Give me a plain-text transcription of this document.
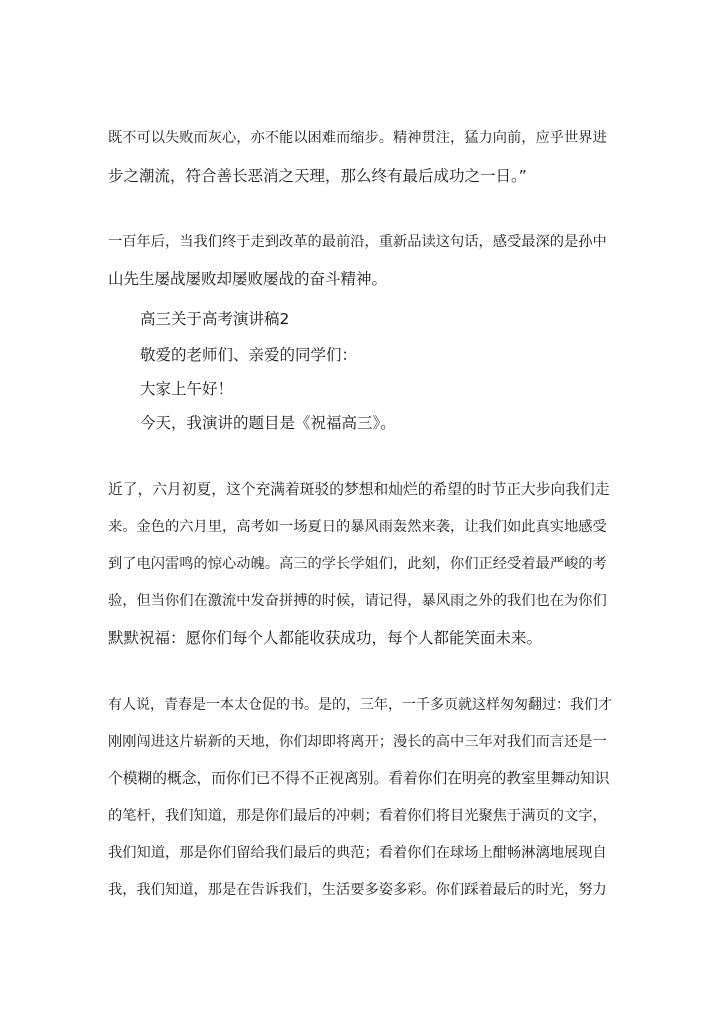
既不可以失败而灰心，亦不能以困难而缩步。精神贯注，猛力向前，应乎世界进
步之潮流，符合善长恶消之天理，那么终有最后成功之一日。”
一百年后，当我们终于走到改革的最前沿，重新品读这句话，感受最深的是孙中
山先生屡战屡败却屡败屡战的奋斗精神。
高三关于高考演讲稿2
敬爱的老师们、亲爱的同学们：
大家上午好！
今天，我演讲的题目是《祝福高三》。
近了，六月初夏，这个充满着斑驳的梦想和灿烂的希望的时节正大步向我们走
来。金色的六月里，高考如一场夏日的暴风雨轰然来袭，让我们如此真实地感受
到了电闪雷鸣的惊心动魄。高三的学长学姐们，此刻，你们正经受着最严峻的考
验，但当你们在激流中发奋拼搏的时候，请记得，暴风雨之外的我们也在为你们
默默祝福：愿你们每个人都能收获成功，每个人都能笑面未来。
有人说，青春是一本太仓促的书。是的，三年，一千多页就这样匆匆翻过：我们才
刚刚闯进这片崭新的天地，你们却即将离开；漫长的高中三年对我们而言还是一
个模糊的概念，而你们已不得不正视离别。看着你们在明亮的教室里舞动知识
的笔杆，我们知道，那是你们最后的冲刺；看着你们将目光聚焦于满页的文字，
我们知道，那是你们留给我们最后的典范；看着你们在球场上酣畅淋漓地展现自
我，我们知道，那是在告诉我们，生活要多姿多彩。你们踩着最后的时光，努力
